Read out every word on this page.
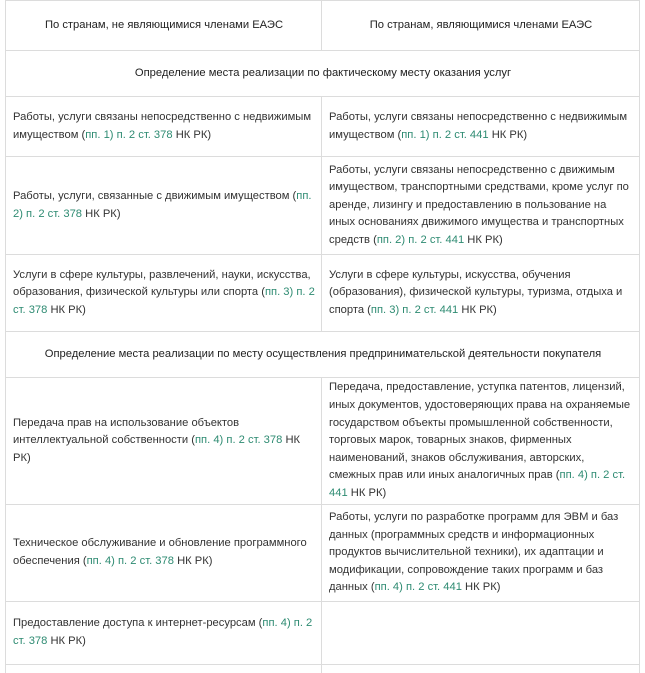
По странам, не являющимися членами ЕАЭС	По странам, являющимися членами ЕАЭС
Определение места реализации по фактическому месту оказания услуг	
Работы, услуги связаны непосредственно с недвижимым имуществом (пп. 1) п. 2 ст. 378 НК РК)	Работы, услуги связаны непосредственно с недвижимым имуществом (пп. 1) п. 2 ст. 441 НК РК)
Работы, услуги, связанные с движимым имуществом (пп. 2) п. 2 ст. 378 НК РК)	Работы, услуги связаны непосредственно с движимым имуществом, транспортными средствами, кроме услуг по аренде, лизингу и предоставлению в пользование на иных основаниях движимого имущества и транспортных средств (пп. 2) п. 2 ст. 441 НК РК)
Услуги в сфере культуры, развлечений, науки, искусства, образования, физической культуры или спорта (пп. 3) п. 2 ст. 378 НК РК)	Услуги в сфере культуры, искусства, обучения (образования), физической культуры, туризма, отдыха и спорта (пп. 3) п. 2 ст. 441 НК РК)
Определение места реализации по месту осуществления предпринимательской деятельности покупателя	
Передача прав на использование объектов интеллектуальной собственности (пп. 4) п. 2 ст. 378 НК РК)	Передача, предоставление, уступка патентов, лицензий, иных документов, удостоверяющих права на охраняемые государством объекты промышленной собственности, торговых марок, товарных знаков, фирменных наименований, знаков обслуживания, авторских, смежных прав или иных аналогичных прав (пп. 4) п. 2 ст. 441 НК РК)
Техническое обслуживание и обновление программного обеспечения (пп. 4) п. 2 ст. 378 НК РК)	Работы, услуги по разработке программ для ЭВМ и баз данных (программных средств и информационных продуктов вычислительной техники), их адаптации и модификации, сопровождение таких программ и баз данных (пп. 4) п. 2 ст. 441 НК РК)
Предоставление доступа к интернет-ресурсам (пп. 4) п. 2 ст. 378 НК РК)	
